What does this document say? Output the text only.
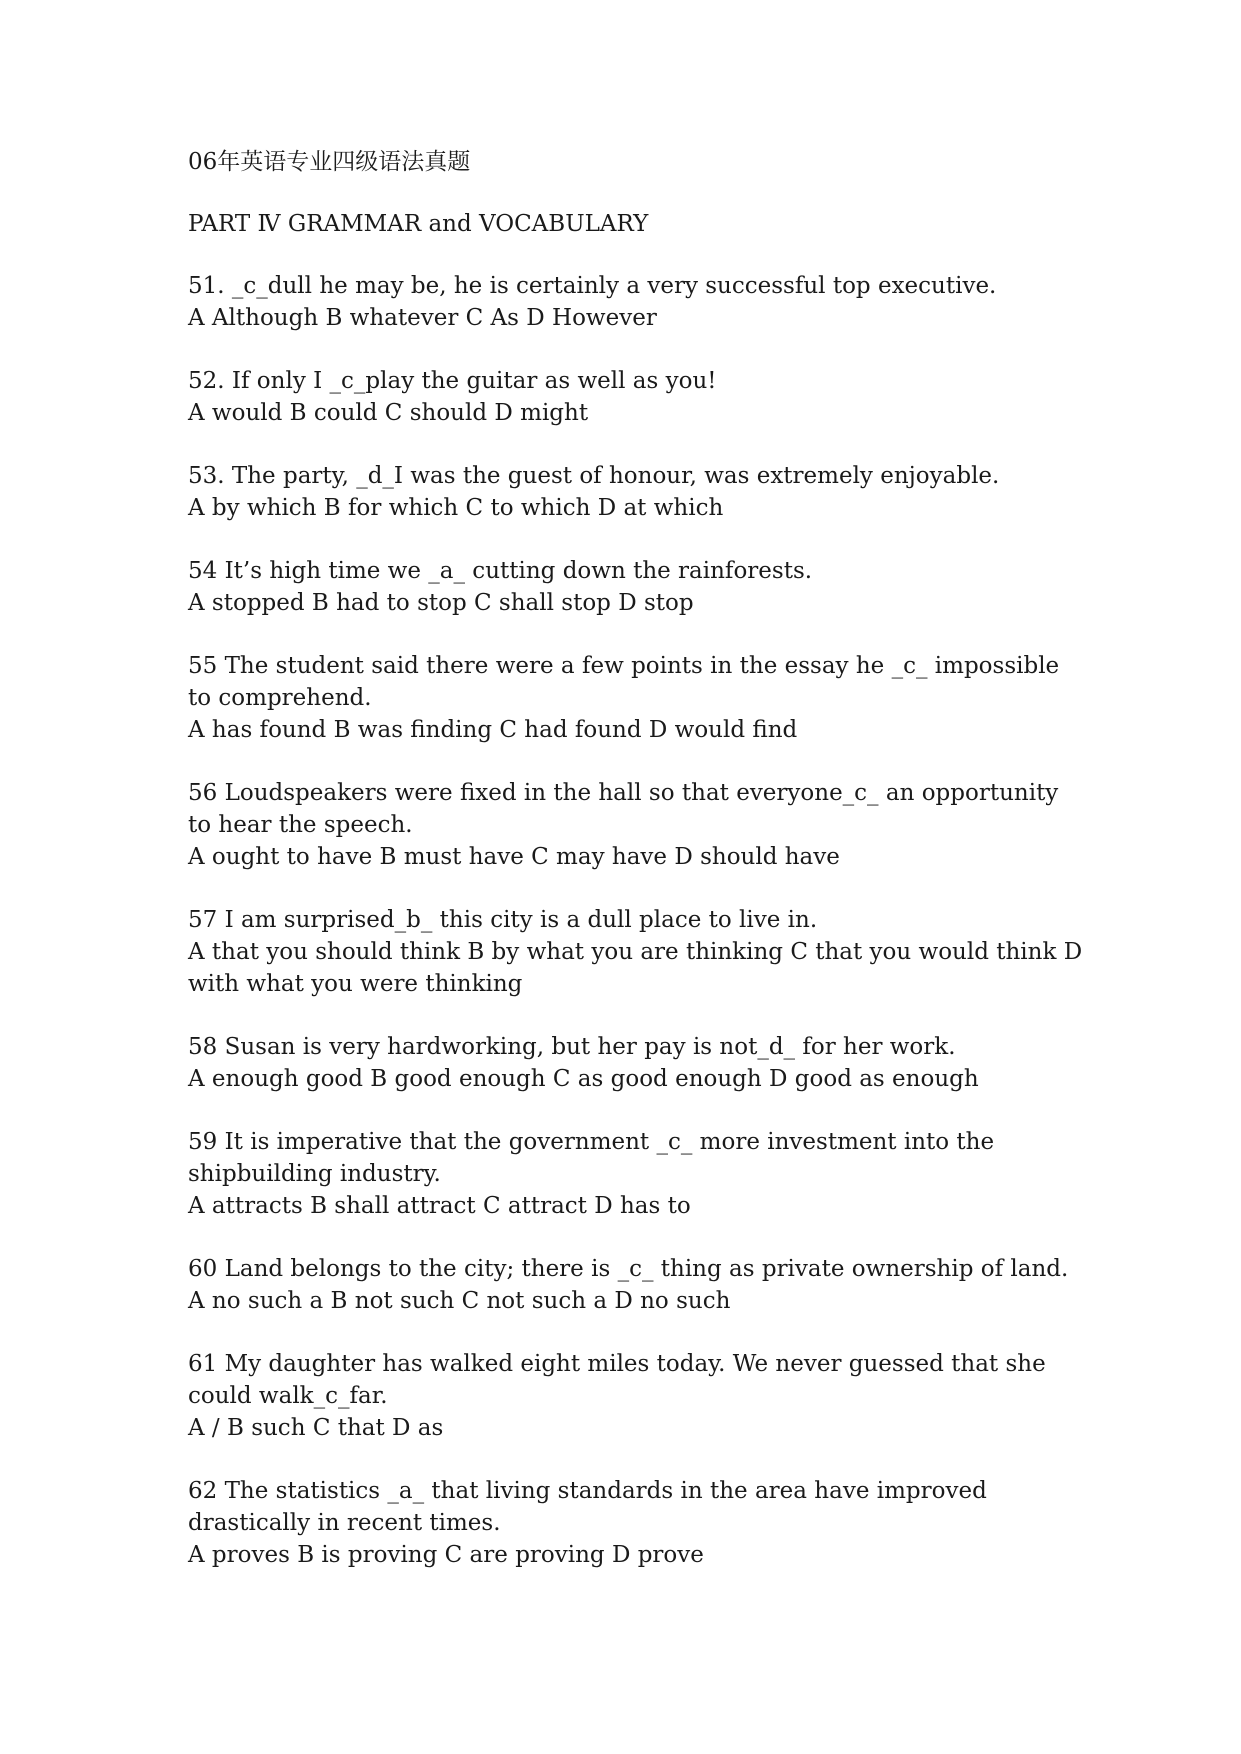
06年英语专业四级语法真题
PART Ⅳ GRAMMAR and VOCABULARY

51. _c_dull he may be, he is certainly a very successful top executive.

A Although B whatever C As D However

52. If only I _c_play the guitar as well as you!

A would B could C should D might

53. The party, _d_I was the guest of honour, was extremely enjoyable.

A by which B for which C to which D at which

54 It’s high time we _a_ cutting down the rainforests.

A stopped B had to stop C shall stop D stop

55 The student said there were a few points in the essay he _c_ impossible to comprehend.

A has found B was finding C had found D would find

56 Loudspeakers were fixed in the hall so that everyone_c_ an opportunity to hear the speech.

A ought to have B must have C may have D should have

57 I am surprised_b_ this city is a dull place to live in.

A that you should think B by what you are thinking C that you would think D with what you were thinking

58 Susan is very hardworking, but her pay is not_d_ for her work.

A enough good B good enough C as good enough D good as enough

59 It is imperative that the government _c_ more investment into the shipbuilding industry.

A attracts B shall attract C attract D has to

60 Land belongs to the city; there is _c_ thing as private ownership of land.

A no such a B not such C not such a D no such

61 My daughter has walked eight miles today. We never guessed that she could walk_c_far.

A / B such C that D as

62 The statistics _a_ that living standards in the area have improved drastically in recent times.

A proves B is proving C are proving D prove
